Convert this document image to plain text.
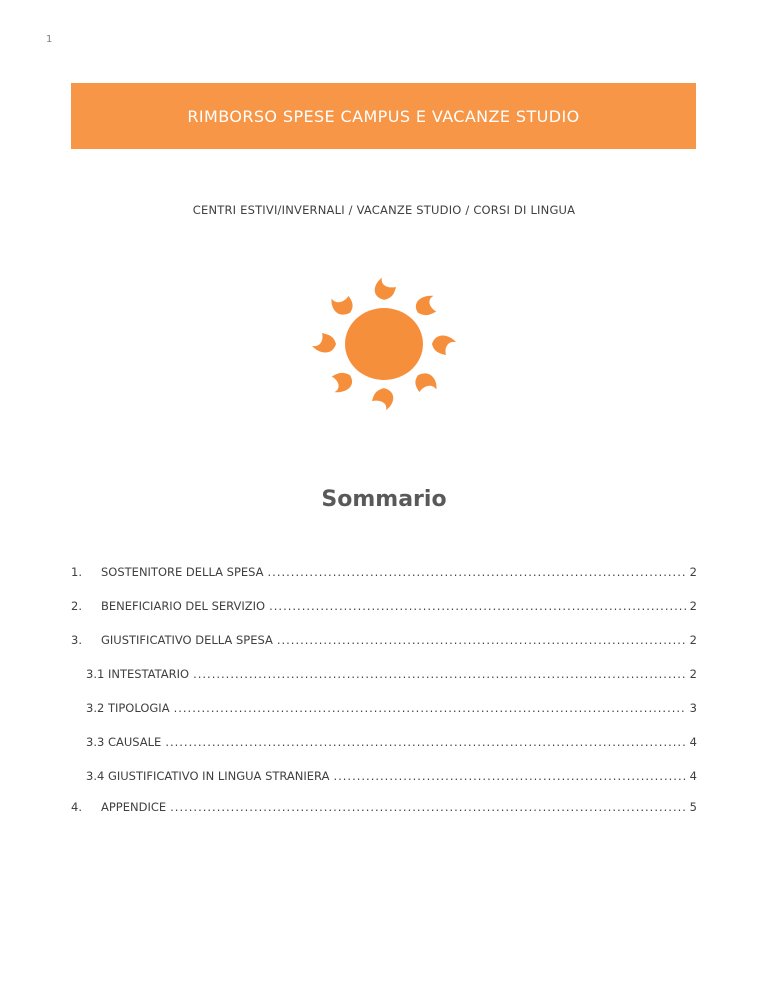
1
RIMBORSO SPESE CAMPUS E VACANZE STUDIO
CENTRI ESTIVI/INVERNALI / VACANZE STUDIO / CORSI DI LINGUA
Sommario
1.	SOSTENITORE DELLA SPESA .....	2
2.	BENEFICIARIO DEL SERVIZIO .....	2
3.	GIUSTIFICATIVO DELLA SPESA .....	2
3.1 INTESTATARIO .....	2
3.2 TIPOLOGIA .....	3
3.3 CAUSALE .....	4
3.4 GIUSTIFICATIVO IN LINGUA STRANIERA .....	4
4.	APPENDICE .....	5
